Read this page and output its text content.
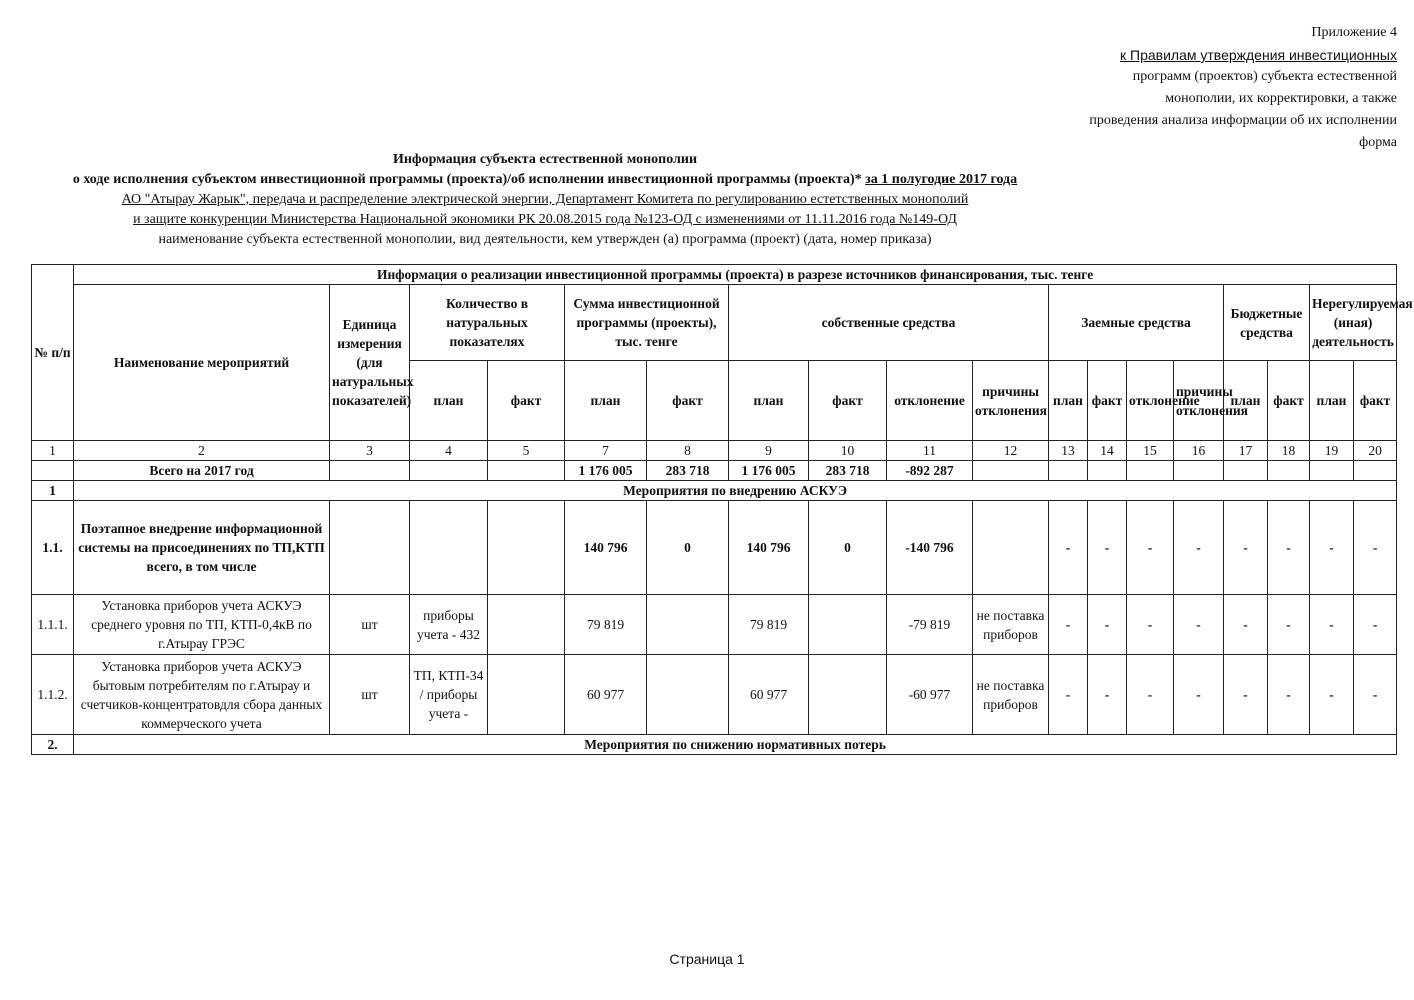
Приложение 4
к Правилам утверждения инвестиционных
программ (проектов) субъекта естественной
монополии, их корректировки, а также
проведения анализа информации об их исполнении
форма
Информация субъекта естественной монополии
о ходе исполнения субъектом инвестиционной программы (проекта)/об исполнении инвестиционной программы (проекта)* за 1 полугодие 2017 года
АО "Атырау Жарык", передача и распределение электрической энергии, Департамент Комитета по регулированию естетственных монополий
и защите конкуренции Министерства Национальной экономики РК 20.08.2015 года №123-ОД с изменениями от 11.11.2016 года №149-ОД
наименование субъекта естественной монополии, вид деятельности, кем утвержден (а) программа (проект) (дата, номер приказа)
№ п/п	Информация о реализации инвестиционной программы (проекта) в разрезе источников финансирования, тыс. тенге																	
	Наименование мероприятий	Единица измерения (для натуральных показателей)	Количество в натуральных показателях		Сумма инвестиционной программы (проекты), тыс. тенге		собственные средства				Заемные средства				Бюджетные средства		Нерегулируемая (иная) деятельность	
			план	факт	план	факт	план	факт	отклонение	причины отклонения	план	факт	отклонение	причины отклонения	план	факт	план	факт
1	2	3	4	5	7	8	9	10	11	12	13	14	15	16	17	18	19	20
	Всего на 2017 год				1 176 005	283 718	1 176 005	283 718	-892 287									
1	Мероприятия по внедрению АСКУЭ																	
1.1.	Поэтапное внедрение информационной системы на присоединениях по ТП,КТП всего, в том числе				140 796	0	140 796	0	-140 796		-	-	-	-	-	-	-	-
1.1.1.	Установка приборов учета АСКУЭ среднего уровня по ТП, КТП-0,4кВ по г.Атырау ГРЭС	шт	приборы учета - 432		79 819		79 819		-79 819	не поставка приборов	-	-	-	-	-	-	-	-
1.1.2.	Установка приборов учета АСКУЭ бытовым потребителям по г.Атырау и счетчиков-концентратовдля сбора данных коммерческого учета	шт	ТП, КТП-34 / приборы учета -		60 977		60 977		-60 977	не поставка приборов	-	-	-	-	-	-	-	-
2.	Мероприятия по снижению нормативных потерь																	
Страница 1
